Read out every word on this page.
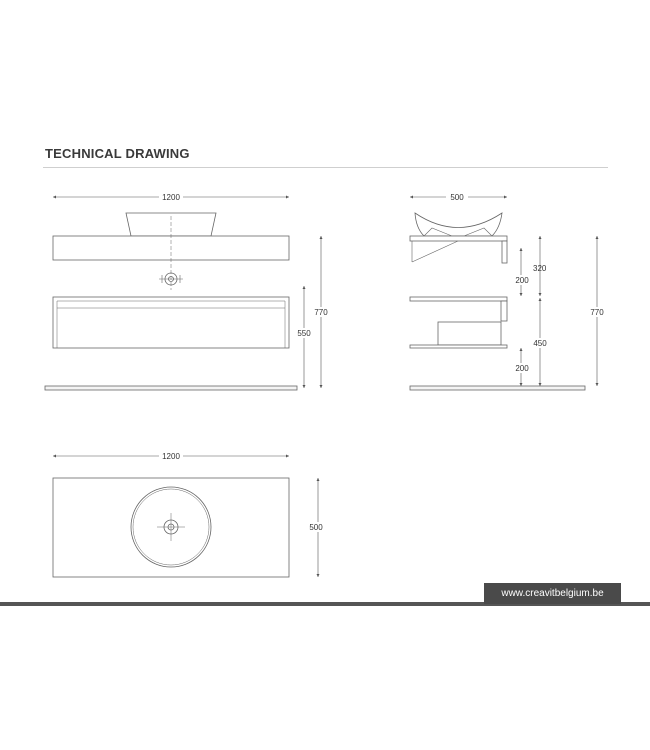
TECHNICAL DRAWING
1200
550
770
500
320
200
450
200
770
1200
500
www.creavitbelgium.be
